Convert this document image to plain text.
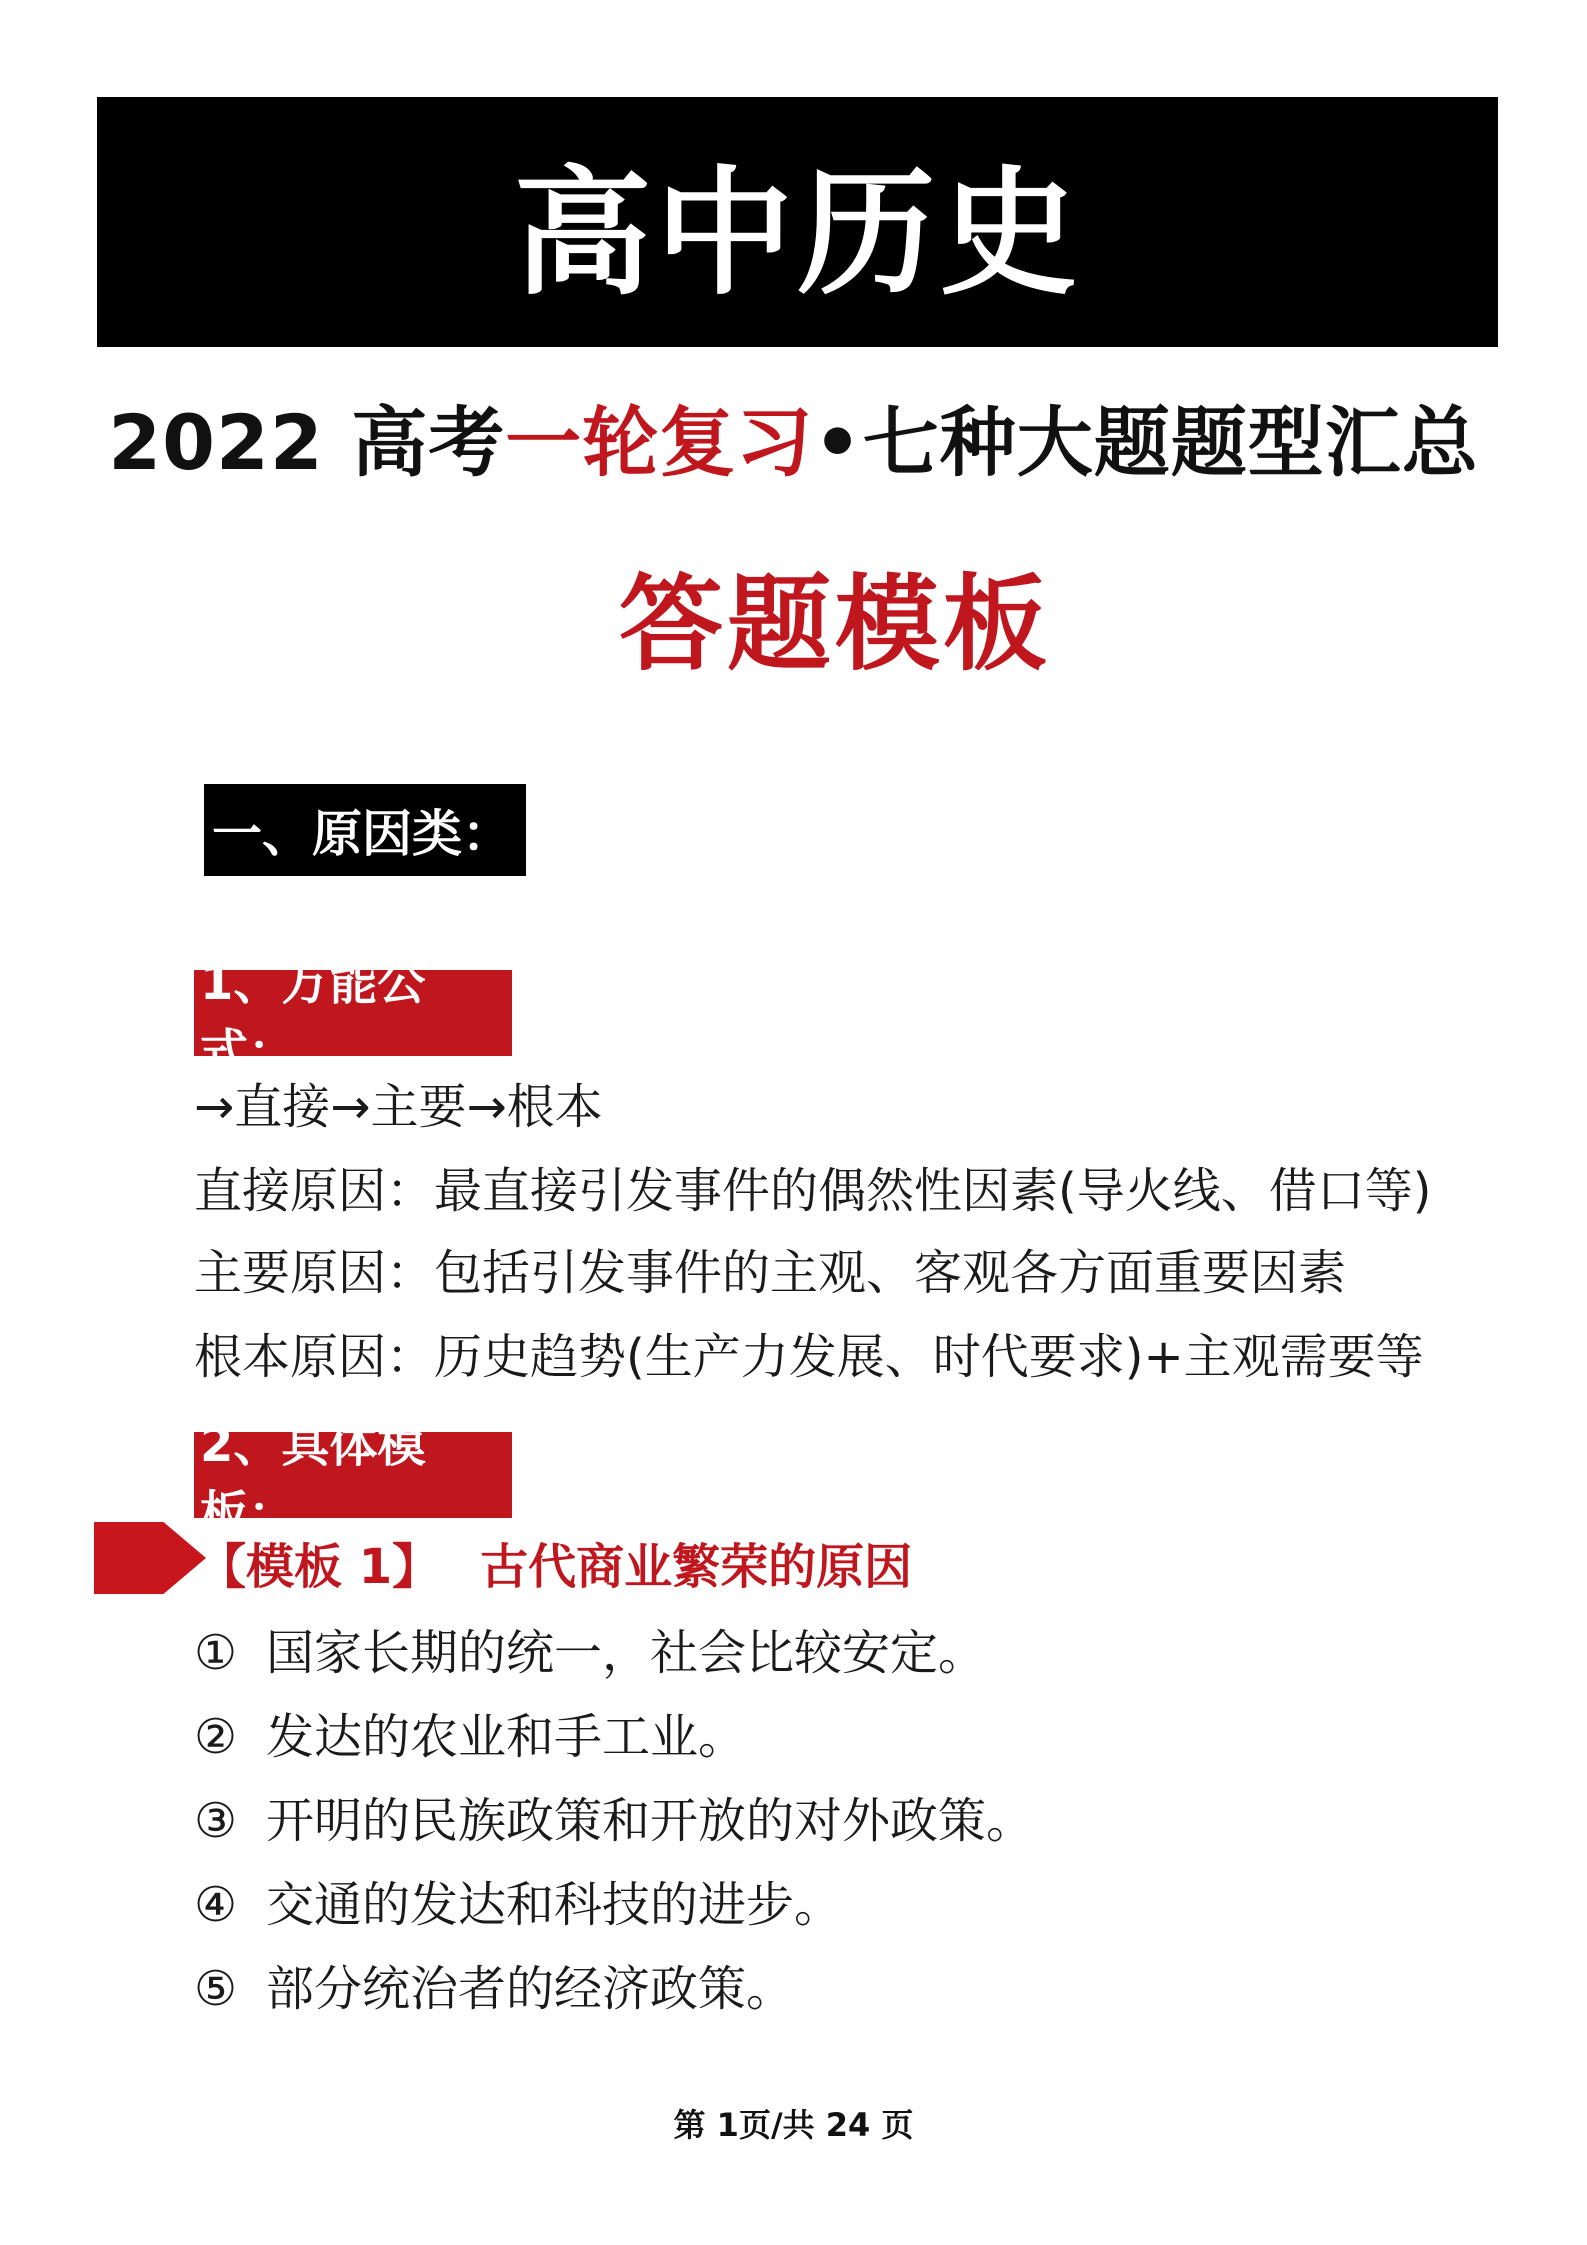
高中历史
2022 高考一轮复习•七种大题题型汇总
答题模板
一、原因类：
1、万能公式：
→直接→主要→根本
直接原因：最直接引发事件的偶然性因素(导火线、借口等)
主要原因：包括引发事件的主观、客观各方面重要因素
根本原因：历史趋势(生产力发展、时代要求)+主观需要等
2、具体模板：
【模板 1】 古代商业繁荣的原因
① 国家长期的统一，社会比较安定。
② 发达的农业和手工业。
③ 开明的民族政策和开放的对外政策。
④ 交通的发达和科技的进步。
⑤ 部分统治者的经济政策。
第 1页/共 24 页
